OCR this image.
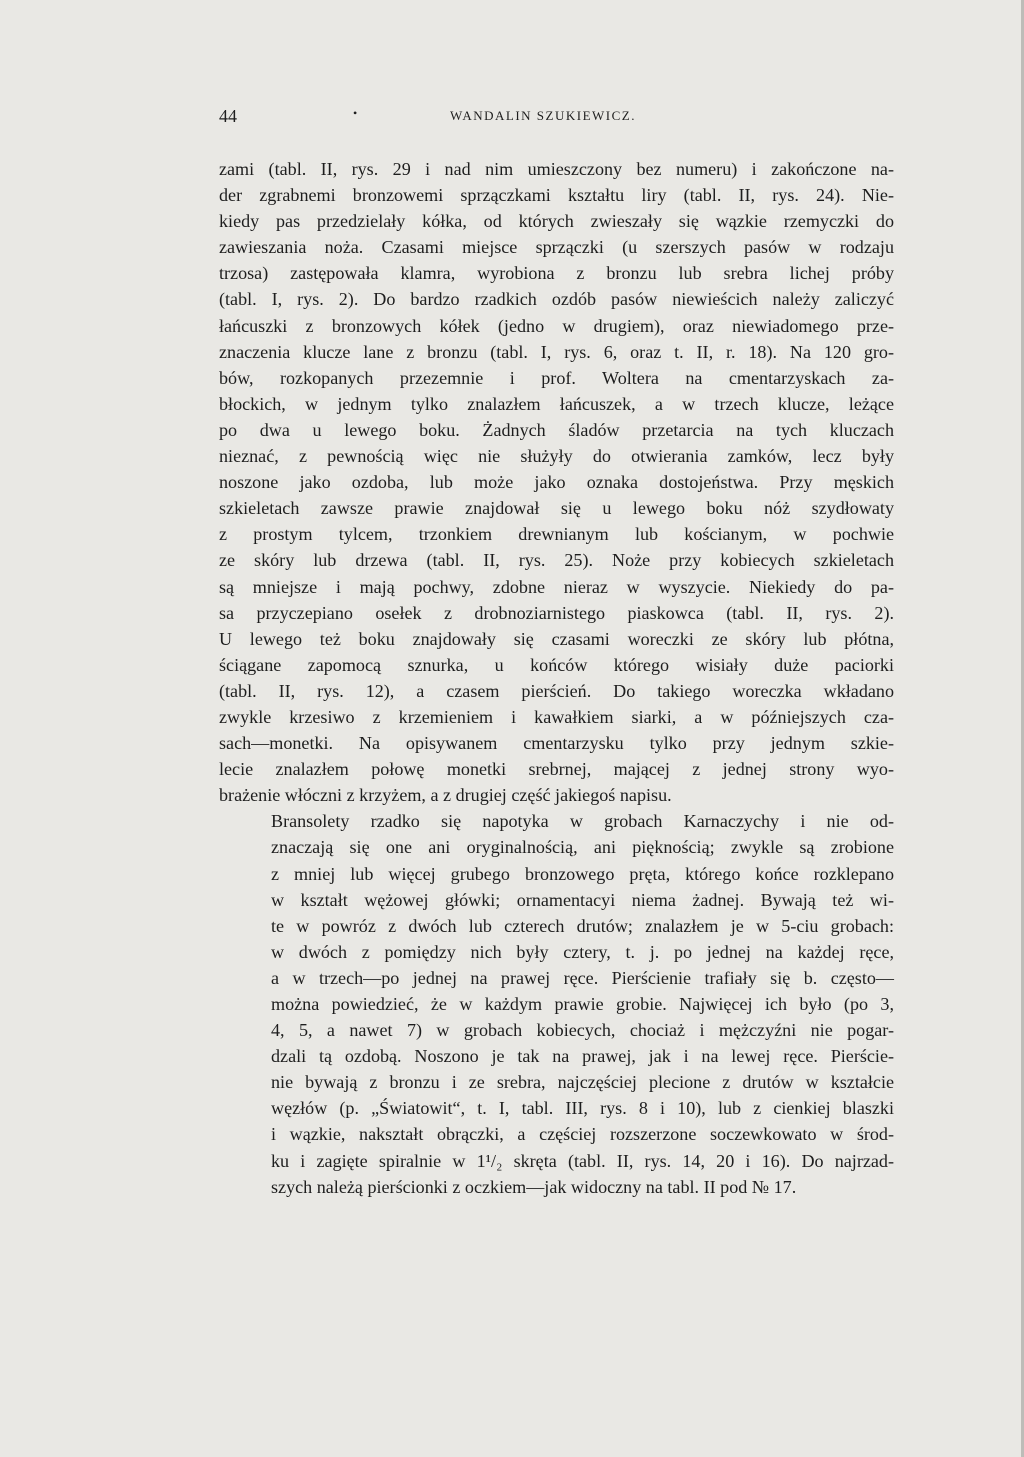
44	•	WANDALIN SZUKIEWICZ.

zami (tabl. II, rys. 29 i nad nim umieszczony bez numeru) i zakończone na-
der zgrabnemi bronzowemi sprzączkami kształtu liry (tabl. II, rys. 24). Nie-
kiedy pas przedzielały kółka, od których zwieszały się wązkie rzemyczki do
zawieszania noża. Czasami miejsce sprzączki (u szerszych pasów w rodzaju
trzosa) zastępowała klamra, wyrobiona z bronzu lub srebra lichej próby
(tabl. I, rys. 2). Do bardzo rzadkich ozdób pasów niewieścich należy zaliczyć
łańcuszki z bronzowych kółek (jedno w drugiem), oraz niewiadomego prze-
znaczenia klucze lane z bronzu (tabl. I, rys. 6, oraz t. II, r. 18). Na 120 gro-
bów, rozkopanych przezemnie i prof. Woltera na cmentarzyskach za-
błockich, w jednym tylko znalazłem łańcuszek, a w trzech klucze, leżące
po dwa u lewego boku. Żadnych śladów przetarcia na tych kluczach
nieznać, z pewnością więc nie służyły do otwierania zamków, lecz były
noszone jako ozdoba, lub może jako oznaka dostojeństwa. Przy męskich
szkieletach zawsze prawie znajdował się u lewego boku nóż szydłowaty
z prostym tylcem, trzonkiem drewnianym lub kościanym, w pochwie
ze skóry lub drzewa (tabl. II, rys. 25). Noże przy kobiecych szkieletach
są mniejsze i mają pochwy, zdobne nieraz w wyszycie. Niekiedy do pa-
sa przyczepiano osełek z drobnoziarnistego piaskowca (tabl. II, rys. 2).
U lewego też boku znajdowały się czasami woreczki ze skóry lub płótna,
ściągane zapomocą sznurka, u końców którego wisiały duże paciorki
(tabl. II, rys. 12), a czasem pierścień. Do takiego woreczka wkładano
zwykle krzesiwo z krzemieniem i kawałkiem siarki, a w późniejszych cza-
sach—monetki. Na opisywanem cmentarzysku tylko przy jednym szkie-
lecie znalazłem połowę monetki srebrnej, mającej z jednej strony wyo-
brażenie włóczni z krzyżem, a z drugiej część jakiegoś napisu.

Bransolety rzadko się napotyka w grobach Karnaczychy i nie od-
znaczają się one ani oryginalnością, ani pięknością; zwykle są zrobione
z mniej lub więcej grubego bronzowego pręta, którego końce rozklepano
w kształt wężowej główki; ornamentacyi niema żadnej. Bywają też wi-
te w powróz z dwóch lub czterech drutów; znalazłem je w 5-ciu grobach:
w dwóch z pomiędzy nich były cztery, t. j. po jednej na każdej ręce,
a w trzech—po jednej na prawej ręce. Pierścienie trafiały się b. często—
można powiedzieć, że w każdym prawie grobie. Najwięcej ich było (po 3,
4, 5, a nawet 7) w grobach kobiecych, chociaż i mężczyźni nie pogar-
dzali tą ozdobą. Noszono je tak na prawej, jak i na lewej ręce. Pierście-
nie bywają z bronzu i ze srebra, najczęściej plecione z drutów w kształcie
węzłów (p. „Światowit“, t. I, tabl. III, rys. 8 i 10), lub z cienkiej blaszki
i wązkie, nakształt obrączki, a częściej rozszerzone soczewkowato w środ-
ku i zagięte spiralnie w 1¹/₂ skręta (tabl. II, rys. 14, 20 i 16). Do najrzad-
szych należą pierścionki z oczkiem—jak widoczny na tabl. II pod № 17.
